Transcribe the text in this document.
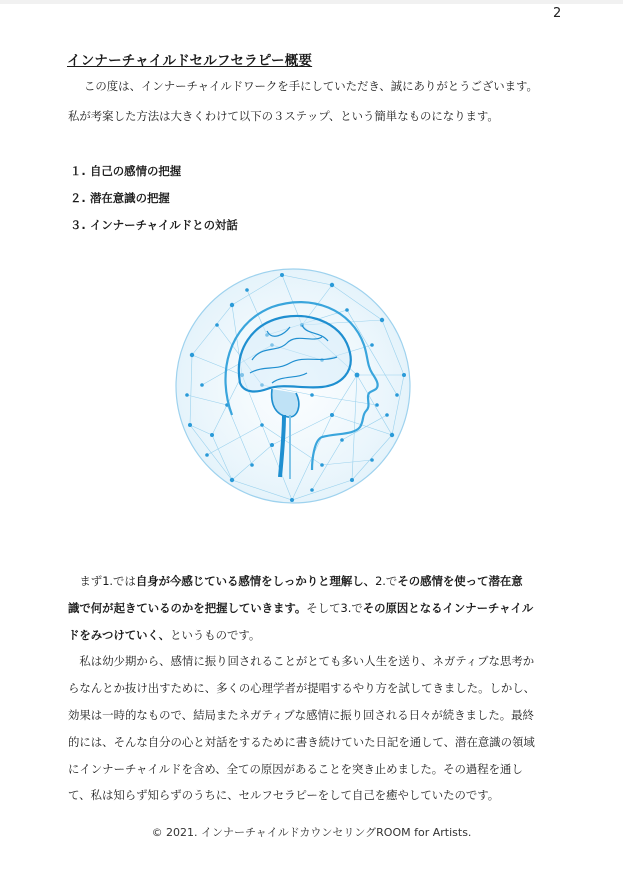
2
インナーチャイルドセルフセラピー概要
この度は、インナーチャイルドワークを手にしていただき、誠にありがとうございます。
私が考案した方法は大きくわけて以下の３ステップ、という簡単なものになります。
１. 自己の感情の把握
２. 潜在意識の把握
３. インナーチャイルドとの対話
　まず1.では自身が今感じている感情をしっかりと理解し、2.でその感情を使って潜在意
識で何が起きているのかを把握していきます。そして3.でその原因となるインナーチャイル
ドをみつけていく、というものです。
　私は幼少期から、感情に振り回されることがとても多い人生を送り、ネガティブな思考か
らなんとか抜け出すために、多くの心理学者が提唱するやり方を試してきました。しかし、
効果は一時的なもので、結局またネガティブな感情に振り回される日々が続きました。最終
的には、そんな自分の心と対話をするために書き続けていた日記を通して、潜在意識の領域
にインナーチャイルドを含め、全ての原因があることを突き止めました。その過程を通し
て、私は知らず知らずのうちに、セルフセラピーをして自己を癒やしていたのです。
© 2021. インナーチャイルドカウンセリングROOM for Artists.
